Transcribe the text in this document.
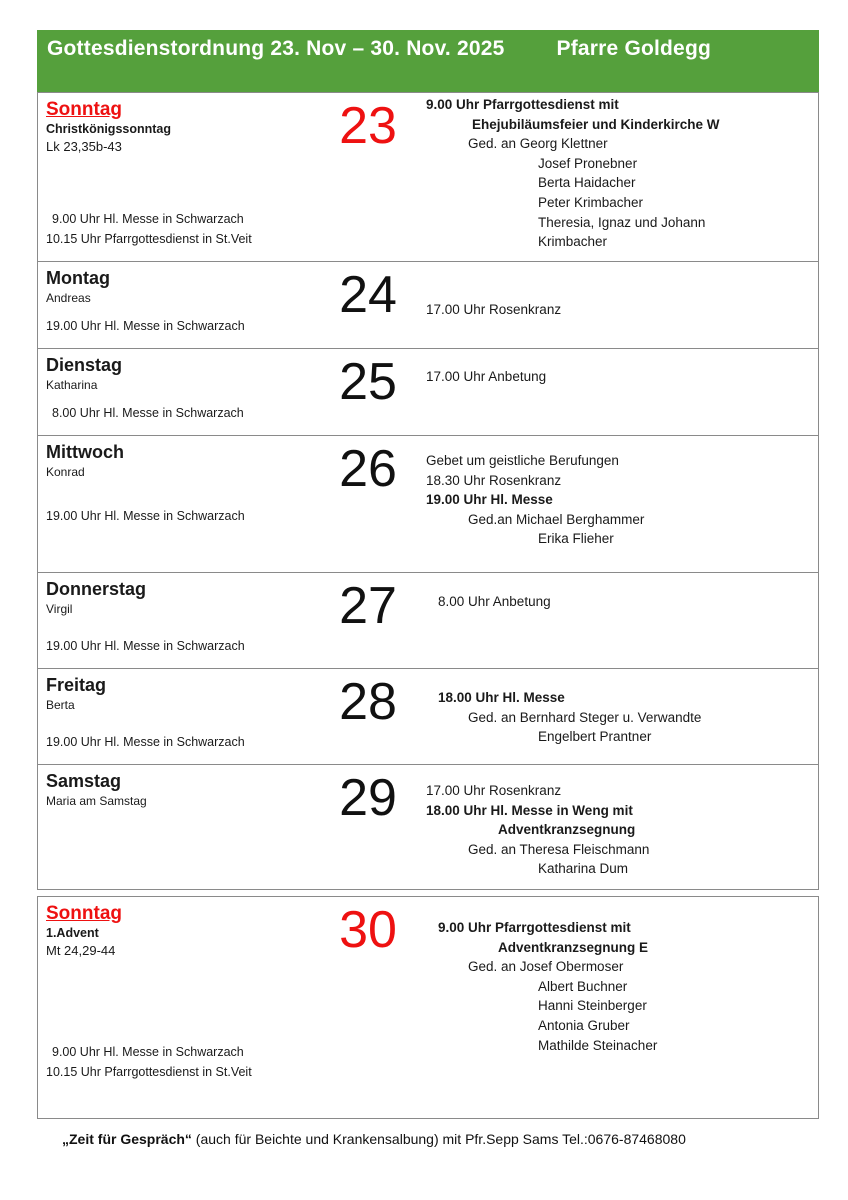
Gottesdienstordnung 23. Nov – 30. Nov. 2025 Pfarre Goldegg
Sonntag
Christkönigssonntag
Lk 23,35b-43
9.00 Uhr Hl. Messe in Schwarzach
10.15 Uhr Pfarrgottesdienst in St.Veit
23	9.00 Uhr Pfarrgottesdienst mit
Ehejubiläumsfeier und Kinderkirche W
Ged. an Georg Klettner
Josef Pronebner
Berta Haidacher
Peter Krimbacher
Theresia, Ignaz und Johann
Krimbacher
Montag
Andreas
19.00 Uhr Hl. Messe in Schwarzach
24	17.00 Uhr Rosenkranz
Dienstag
Katharina
8.00 Uhr Hl. Messe in Schwarzach
25	17.00 Uhr Anbetung
Mittwoch
Konrad
19.00 Uhr Hl. Messe in Schwarzach
26	Gebet um geistliche Berufungen
18.30 Uhr Rosenkranz
19.00 Uhr Hl. Messe
Ged.an Michael Berghammer
Erika Flieher
Donnerstag
Virgil
19.00 Uhr Hl. Messe in Schwarzach
27	8.00 Uhr Anbetung
Freitag
Berta
19.00 Uhr Hl. Messe in Schwarzach
28	18.00 Uhr Hl. Messe
Ged. an Bernhard Steger u. Verwandte
Engelbert Prantner
Samstag
Maria am Samstag	29	17.00 Uhr Rosenkranz
18.00 Uhr Hl. Messe in Weng mit
Adventkranzsegnung
Ged. an Theresa Fleischmann
Katharina Dum
Sonntag
1.Advent
Mt 24,29-44
9.00 Uhr Hl. Messe in Schwarzach
10.15 Uhr Pfarrgottesdienst in St.Veit
30	9.00 Uhr Pfarrgottesdienst mit
Adventkranzsegnung E
Ged. an Josef Obermoser
Albert Buchner
Hanni Steinberger
Antonia Gruber
Mathilde Steinacher
„Zeit für Gespräch“ (auch für Beichte und Krankensalbung) mit Pfr.Sepp Sams Tel.:0676-87468080
